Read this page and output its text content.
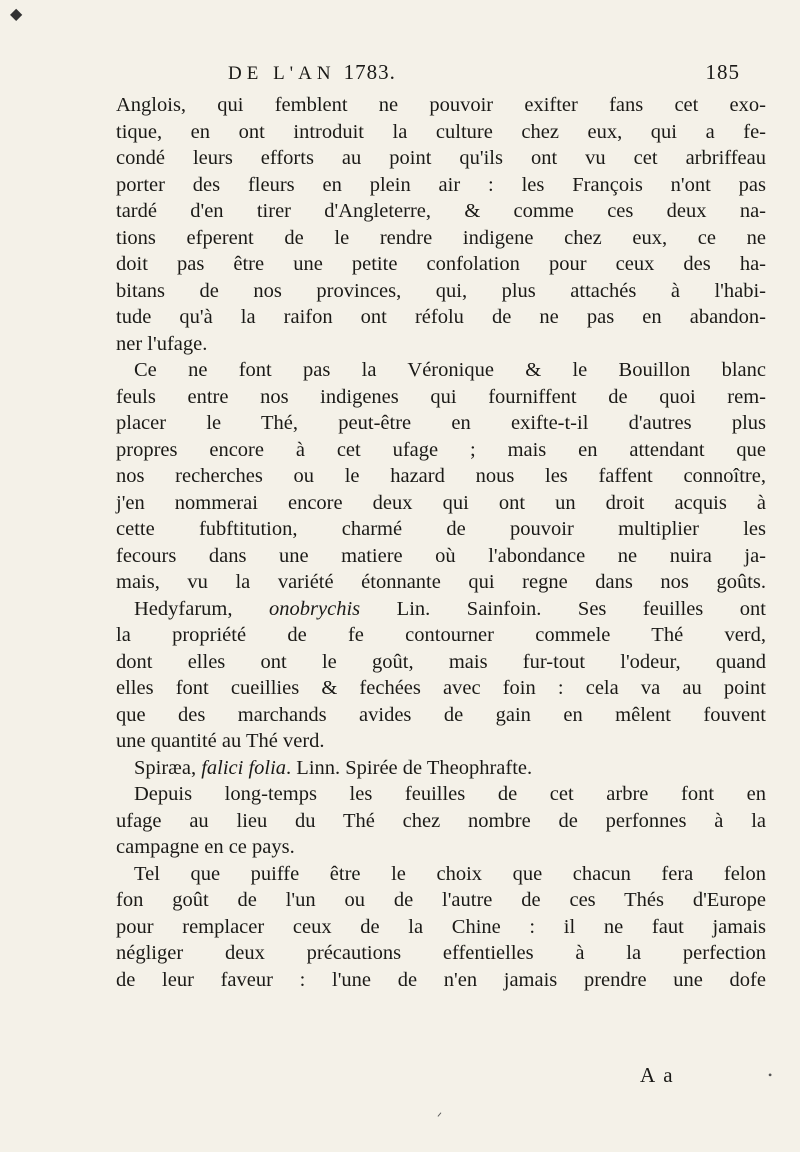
◆
DE L'AN 1783.	185

Anglois, qui femblent ne pouvoir exifter fans cet exo-
tique, en ont introduit la culture chez eux, qui a fe-
condé leurs efforts au point qu'ils ont vu cet arbriffeau
porter des fleurs en plein air : les François n'ont pas
tardé d'en tirer d'Angleterre, & comme ces deux na-
tions efperent de le rendre indigene chez eux, ce ne
doit pas être une petite confolation pour ceux des ha-
bitans de nos provinces, qui, plus attachés à l'habi-
tude qu'à la raifon ont réfolu de ne pas en abandon-
ner l'ufage.

Ce ne font pas la Véronique & le Bouillon blanc
feuls entre nos indigenes qui fourniffent de quoi rem-
placer le Thé, peut-être en exifte-t-il d'autres plus
propres encore à cet ufage ; mais en attendant que
nos recherches ou le hazard nous les faffent connoître,
j'en nommerai encore deux qui ont un droit acquis à
cette fubftitution, charmé de pouvoir multiplier les
fecours dans une matiere où l'abondance ne nuira ja-
mais, vu la variété étonnante qui regne dans nos goûts.

Hedyfarum, onobrychis Lin. Sainfoin. Ses feuilles ont
la propriété de fe contourner commele Thé verd,
dont elles ont le goût, mais fur-tout l'odeur, quand
elles font cueillies & fechées avec foin : cela va au point
que des marchands avides de gain en mêlent fouvent
une quantité au Thé verd.

Spiræa, falici folia. Linn. Spirée de Theophrafte.
Depuis long-temps les feuilles de cet arbre font en
ufage au lieu du Thé chez nombre de perfonnes à la
campagne en ce pays.

Tel que puiffe être le choix que chacun fera felon
fon goût de l'un ou de l'autre de ces Thés d'Europe
pour remplacer ceux de la Chine : il ne faut jamais
négliger deux précautions effentielles à la perfection
de leur faveur : l'une de n'en jamais prendre une dofe

A a	•
ᐟ
